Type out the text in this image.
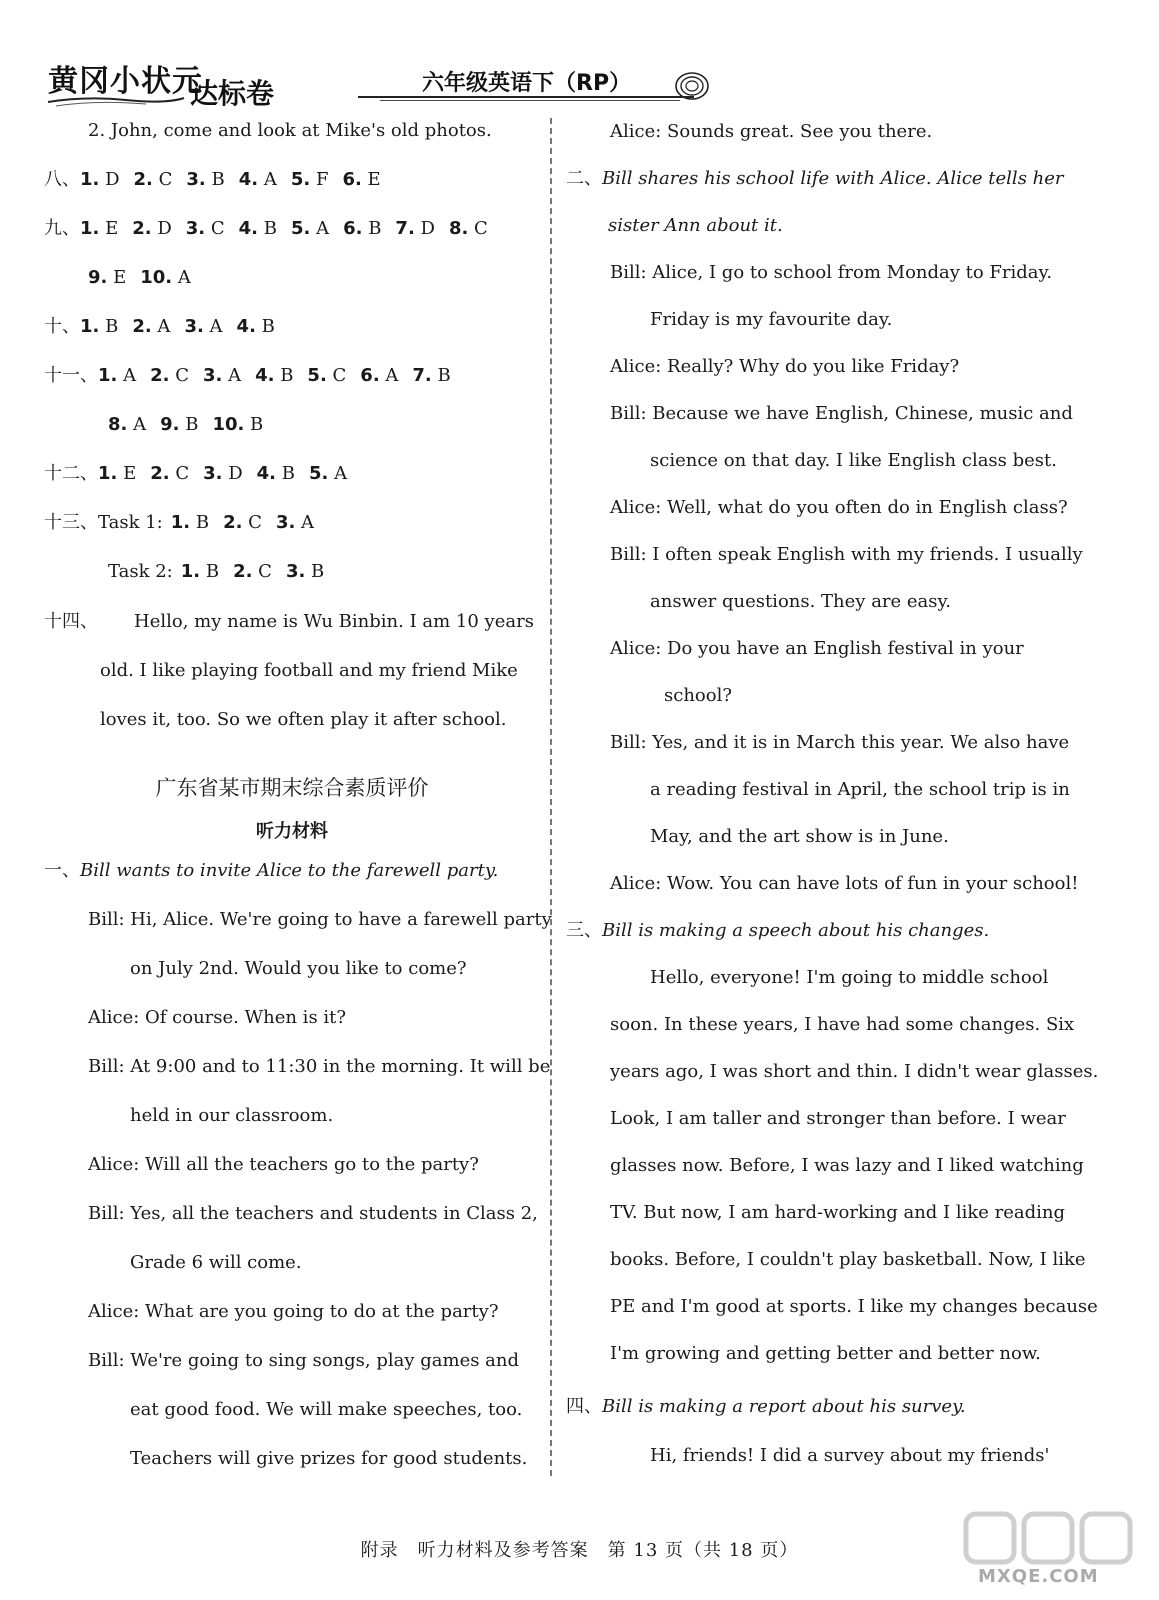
黄冈小状元
达标卷	六年级英语下（RP）
2. John, come and look at Mike's old photos.
八、1. D 2. C 3. B 4. A 5. F 6. E
九、1. E 2. D 3. C 4. B 5. A 6. B 7. D 8. C
9. E 10. A
十、1. B 2. A 3. A 4. B
十一、1. A 2. C 3. A 4. B 5. C 6. A 7. B
8. A 9. B 10. B
十二、1. E 2. C 3. D 4. B 5. A
十三、Task 1: 1. B 2. C 3. A
Task 2: 1. B 2. C 3. B
十四、 Hello, my name is Wu Binbin. I am 10 years
old. I like playing football and my friend Mike
loves it, too. So we often play it after school.
广东省某市期末综合素质评价
听力材料
一、Bill wants to invite Alice to the farewell party.
Bill: Hi, Alice. We're going to have a farewell party
on July 2nd. Would you like to come?
Alice: Of course. When is it?
Bill: At 9:00 and to 11:30 in the morning. It will be
held in our classroom.
Alice: Will all the teachers go to the party?
Bill: Yes, all the teachers and students in Class 2,
Grade 6 will come.
Alice: What are you going to do at the party?
Bill: We're going to sing songs, play games and
eat good food. We will make speeches, too.
Teachers will give prizes for good students.
Alice: Sounds great. See you there.
二、Bill shares his school life with Alice. Alice tells her
sister Ann about it.
Bill: Alice, I go to school from Monday to Friday.
Friday is my favourite day.
Alice: Really? Why do you like Friday?
Bill: Because we have English, Chinese, music and
science on that day. I like English class best.
Alice: Well, what do you often do in English class?
Bill: I often speak English with my friends. I usually
answer questions. They are easy.
Alice: Do you have an English festival in your
school?
Bill: Yes, and it is in March this year. We also have
a reading festival in April, the school trip is in
May, and the art show is in June.
Alice: Wow. You can have lots of fun in your school!
三、Bill is making a speech about his changes.
Hello, everyone! I'm going to middle school
soon. In these years, I have had some changes. Six
years ago, I was short and thin. I didn't wear glasses.
Look, I am taller and stronger than before. I wear
glasses now. Before, I was lazy and I liked watching
TV. But now, I am hard-working and I like reading
books. Before, I couldn't play basketball. Now, I like
PE and I'm good at sports. I like my changes because
I'm growing and getting better and better now.
四、Bill is making a report about his survey.
Hi, friends! I did a survey about my friends'
附录　听力材料及参考答案　第 13 页（共 18 页）
MXQE.COM
